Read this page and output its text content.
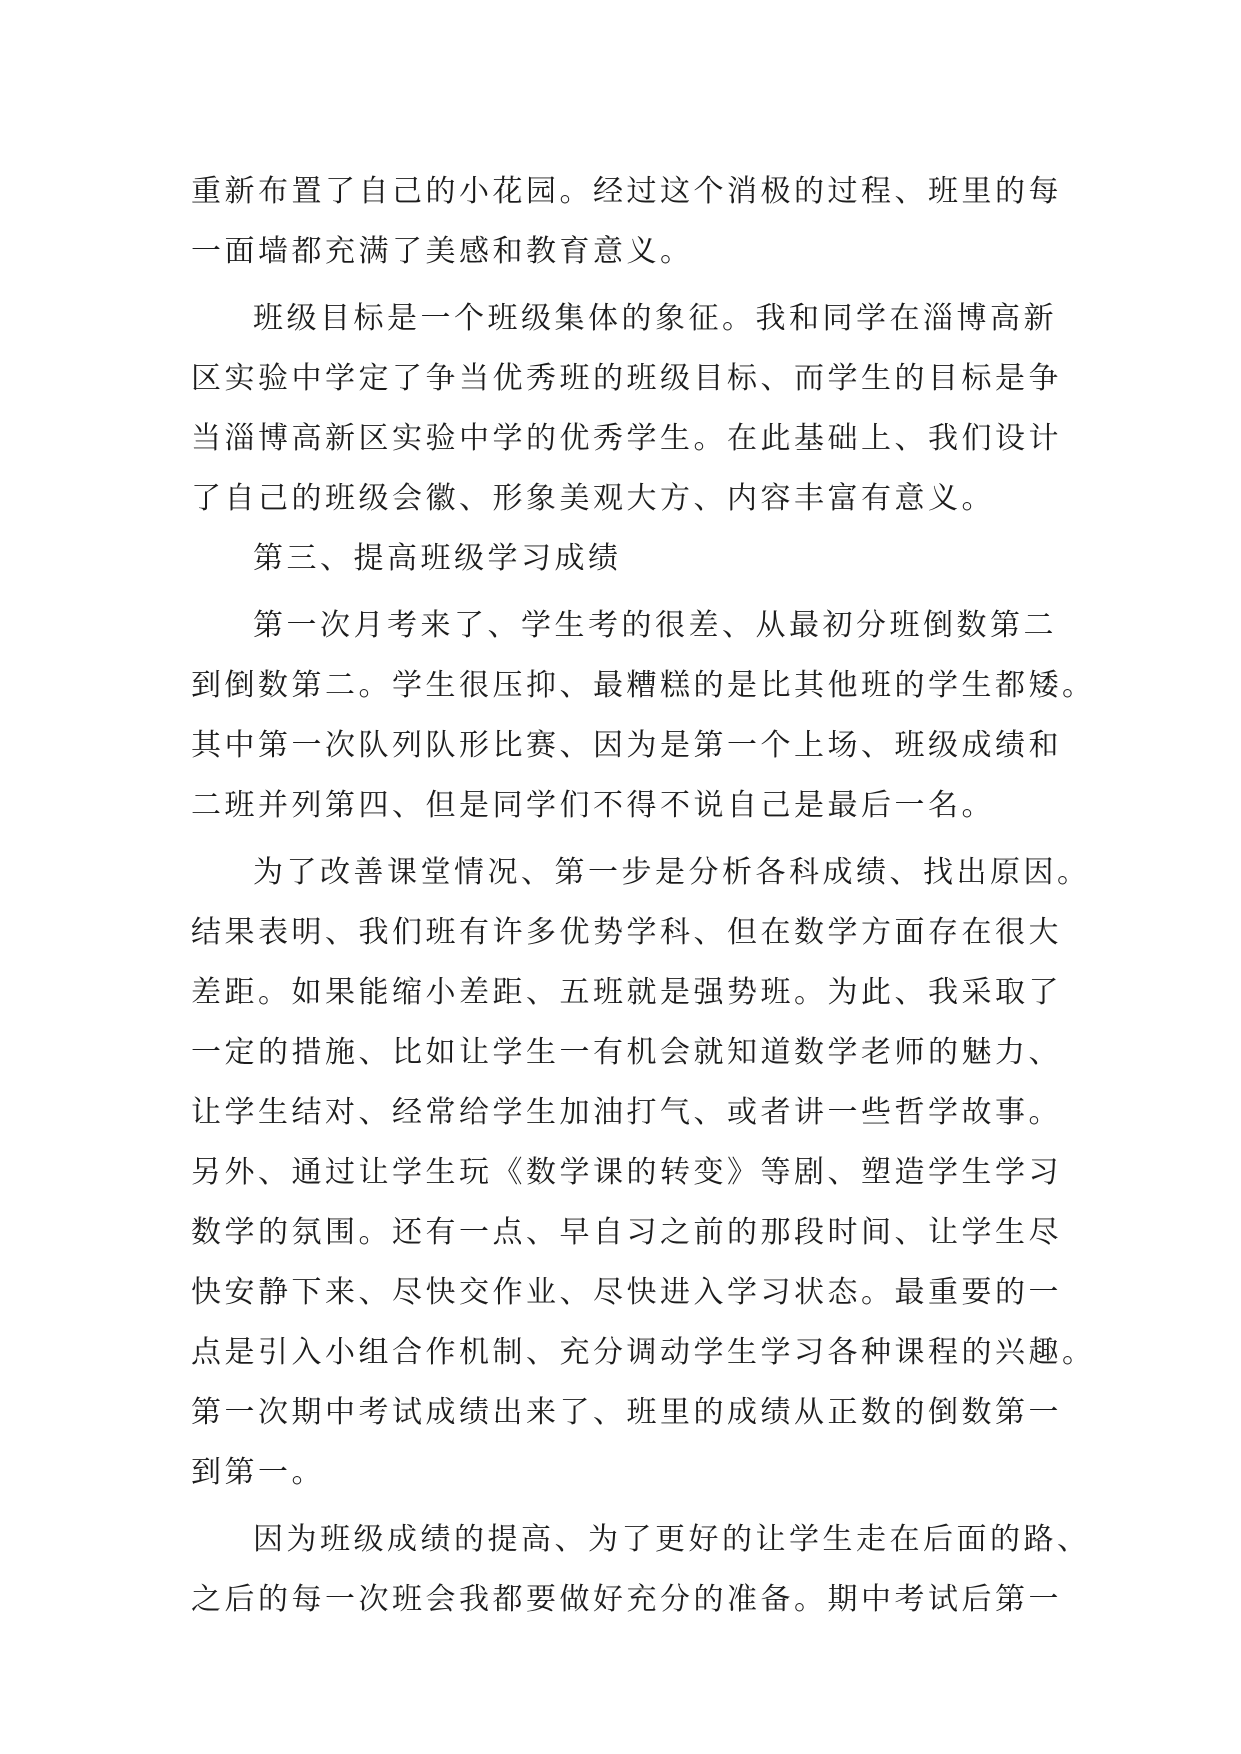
重新布置了自己的小花园。经过这个消极的过程、班里的每
一面墙都充满了美感和教育意义。
班级目标是一个班级集体的象征。我和同学在淄博高新
区实验中学定了争当优秀班的班级目标、而学生的目标是争
当淄博高新区实验中学的优秀学生。在此基础上、我们设计
了自己的班级会徽、形象美观大方、内容丰富有意义。
第三、提高班级学习成绩
第一次月考来了、学生考的很差、从最初分班倒数第二
到倒数第二。学生很压抑、最糟糕的是比其他班的学生都矮。
其中第一次队列队形比赛、因为是第一个上场、班级成绩和
二班并列第四、但是同学们不得不说自己是最后一名。
为了改善课堂情况、第一步是分析各科成绩、找出原因。
结果表明、我们班有许多优势学科、但在数学方面存在很大
差距。如果能缩小差距、五班就是强势班。为此、我采取了
一定的措施、比如让学生一有机会就知道数学老师的魅力、
让学生结对、经常给学生加油打气、或者讲一些哲学故事。
另外、通过让学生玩《数学课的转变》等剧、塑造学生学习
数学的氛围。还有一点、早自习之前的那段时间、让学生尽
快安静下来、尽快交作业、尽快进入学习状态。最重要的一
点是引入小组合作机制、充分调动学生学习各种课程的兴趣。
第一次期中考试成绩出来了、班里的成绩从正数的倒数第一
到第一。
因为班级成绩的提高、为了更好的让学生走在后面的路、
之后的每一次班会我都要做好充分的准备。期中考试后第一
